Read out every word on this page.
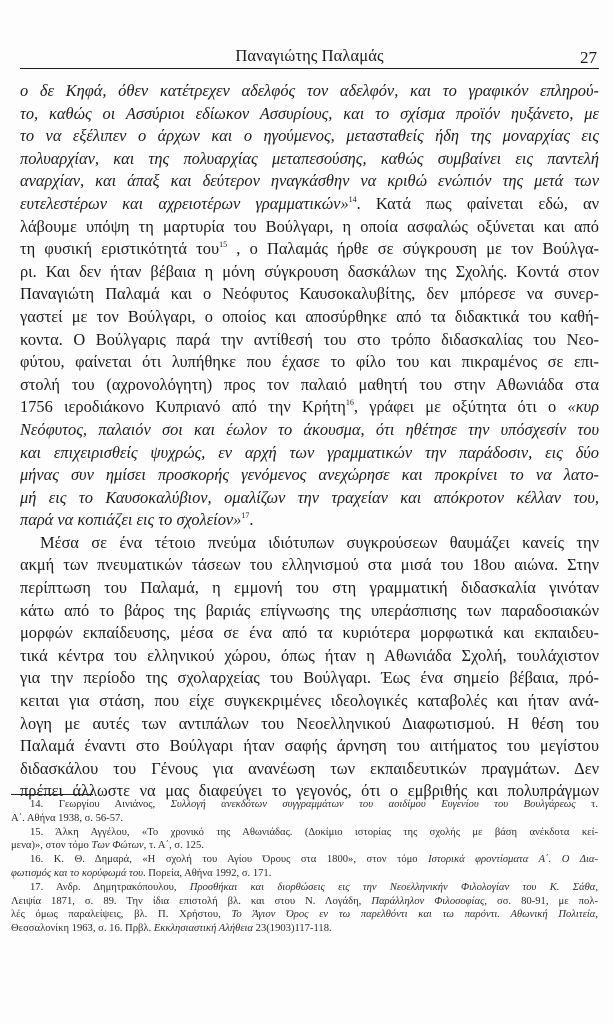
Παναγιώτης Παλαμάς	27
ο δε Κηφά, όθεν κατέτρεχεν αδελφός τον αδελφόν, και το γραφικόν επληρού-
το, καθώς οι Ασσύριοι εδίωκον Ασσυρίους, και το σχίσμα προϊόν ηυξάνετο, με
το να εξέλιπεν ο άρχων και ο ηγούμενος, μετασταθείς ήδη της μοναρχίας εις
πολυαρχίαν, και της πολυαρχίας μεταπεσούσης, καθώς συμβαίνει εις παντελή
αναρχίαν, και άπαξ και δεύτερον ηναγκάσθην να κριθώ ενώπιόν της μετά των
ευτελεστέρων και αχρειοτέρων γραμματικών»$^{14}$. Κατά πως φαίνεται εδώ, αν
λάβουμε υπόψη τη μαρτυρία του Βούλγαρι, η οποία ασφαλώς οξύνεται και από
τη φυσική εριστικότητά του$^{15}$ , ο Παλαμάς ήρθε σε σύγκρουση με τον Βούλγα-
ρι. Και δεν ήταν βέβαια η μόνη σύγκρουση δασκάλων της Σχολής. Κοντά στον
Παναγιώτη Παλαμά και ο Νεόφυτος Καυσοκαλυβίτης, δεν μπόρεσε να συνερ-
γαστεί με τον Βούλγαρι, ο οποίος και αποσύρθηκε από τα διδακτικά του καθή-
κοντα. Ο Βούλγαρις παρά την αντίθεσή του στο τρόπο διδασκαλίας του Νεο-
φύτου, φαίνεται ότι λυπήθηκε που έχασε το φίλο του και πικραμένος σε επι-
στολή του (αχρονολόγητη) προς τον παλαιό μαθητή του στην Αθωνιάδα στα
1756 ιεροδιάκονο Κυπριανό από την Κρήτη$^{16}$, γράφει με οξύτητα ότι ο «κυρ
Νεόφυτος, παλαιόν σοι και έωλον το άκουσμα, ότι ηθέτησε την υπόσχεσίν του
και επιχειρισθείς ψυχρώς, εν αρχή των γραμματικών την παράδοσιν, εις δύο
μήνας συν ημίσει προσκορής γενόμενος ανεχώρησε και προκρίνει το να λατο-
μή εις το Καυσοκαλύβιον, ομαλίζων την τραχείαν και απόκροτον κέλλαν του,
παρά να κοπιάζει εις το σχολείον»$^{17}$.
Μέσα σε ένα τέτοιο πνεύμα ιδιότυπων συγκρούσεων θαυμάζει κανείς την
ακμή των πνευματικών τάσεων του ελληνισμού στα μισά του 18ου αιώνα. Στην
περίπτωση του Παλαμά, η εμμονή του στη γραμματική διδασκαλία γινόταν
κάτω από το βάρος της βαριάς επίγνωσης της υπεράσπισης των παραδοσιακών
μορφών εκπαίδευσης, μέσα σε ένα από τα κυριότερα μορφωτικά και εκπαιδευ-
τικά κέντρα του ελληνικού χώρου, όπως ήταν η Αθωνιάδα Σχολή, τουλάχιστον
για την περίοδο της σχολαρχείας του Βούλγαρι. Έως ένα σημείο βέβαια, πρό-
κειται για στάση, που είχε συγκεκριμένες ιδεολογικές καταβολές και ήταν ανά-
λογη με αυτές των αντιπάλων του Νεοελληνικού Διαφωτισμού. Η θέση του
Παλαμά έναντι στο Βούλγαρι ήταν σαφής άρνηση του αιτήματος του μεγίστου
διδασκάλου του Γένους για ανανέωση των εκπαιδευτικών πραγμάτων. Δεν
πρέπει άλλωστε να μας διαφεύγει το γεγονός, ότι ο εμβριθής και πολυπράγμων
14. Γεωργίου Αινιάνος, Συλλογή ανεκδότων συγγραμμάτων του αοιδίμου Ευγενίου του Βουλγάρεως τ.
Α΄. Αθήνα 1938, σ. 56-57.
15. Άλκη Αγγέλου, «Το χρονικό της Αθωνιάδας. (Δοκίμιο ιστορίας της σχολής με βάση ανέκδοτα κεί-
μενα)», στον τόμο Των Φώτων, τ. Α΄, σ. 125.
16. Κ. Θ. Δημαρά, «Η σχολή του Αγίου Όρους στα 1800», στον τόμο Ιστορικά φροντίσματα Α΄. Ο Δια-
φωτισμός και το κορύφωμά του. Πορεία, Αθήνα 1992, σ. 171.
17. Ανδρ. Δημητρακόπουλου, Προσθήκαι και διορθώσεις εις την Νεοελληνικήν Φιλολογίαν του Κ. Σάθα,
Λειψία 1871, σ. 89. Την ίδια επιστολή βλ. και στου Ν. Λογάδη, Παράλληλον Φιλοσοφίας, σσ. 80-91, με πολ-
λές όμως παραλείψεις, βλ. Π. Χρήστου, Το Άγιον Όρος εν τω παρελθόντι και τω παρόντι. Αθωνική Πολιτεία,
Θεσσαλονίκη 1963, σ. 16. Πρβλ. Εκκλησιαστική Αλήθεια 23(1903)117-118.
